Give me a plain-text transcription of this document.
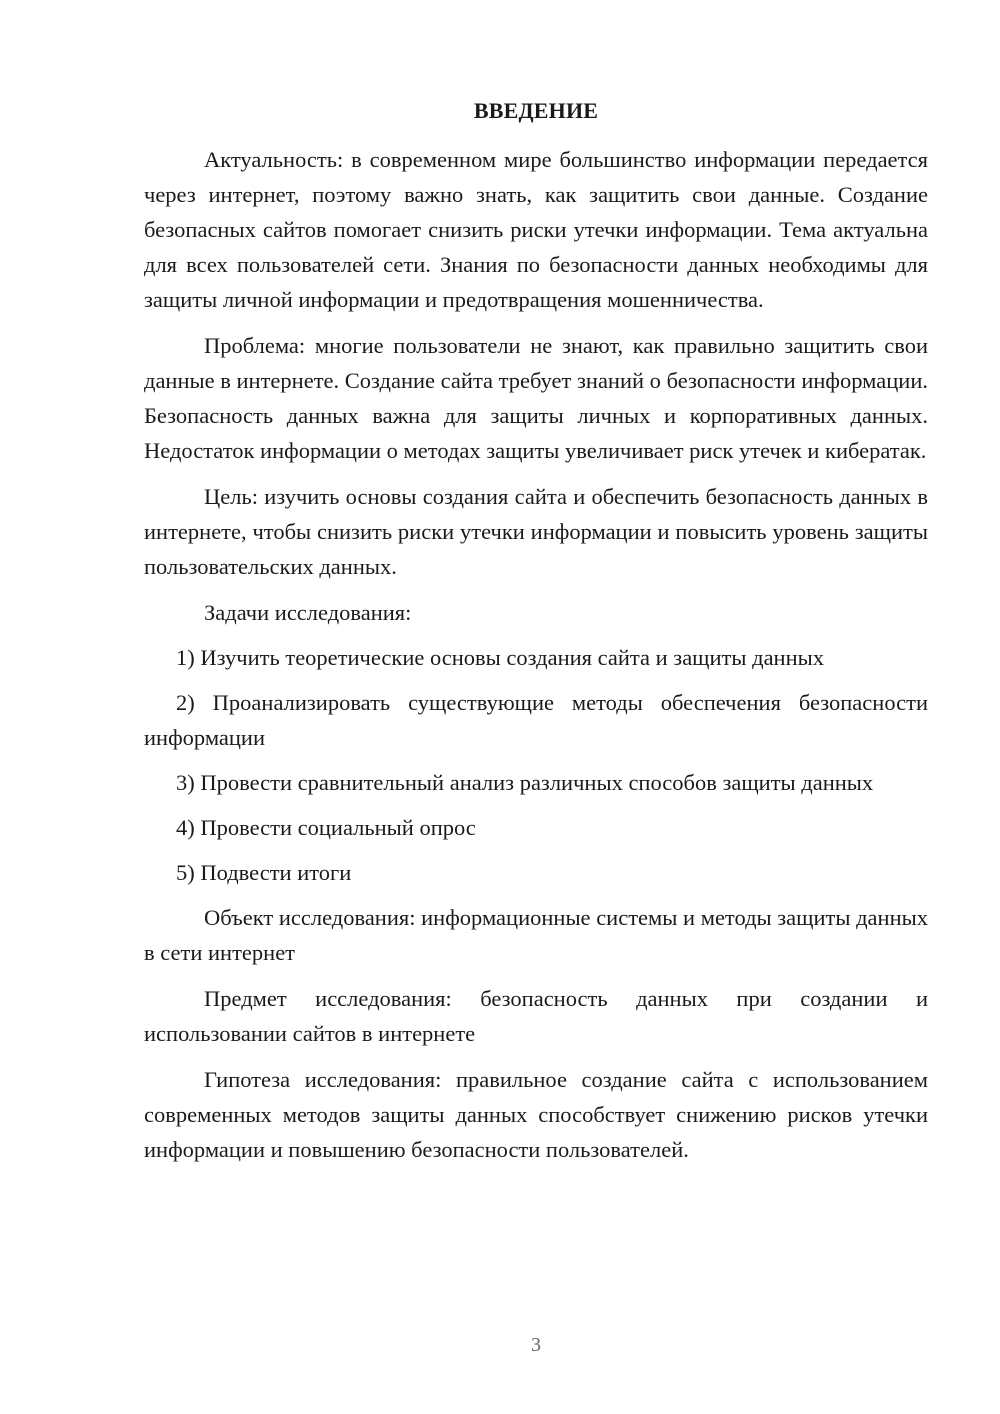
ВВЕДЕНИЕ

Актуальность: в современном мире большинство информации передается через интернет, поэтому важно знать, как защитить свои данные. Создание безопасных сайтов помогает снизить риски утечки информации. Тема актуальна для всех пользователей сети. Знания по безопасности данных необходимы для защиты личной информации и предотвращения мошенничества.

Проблема: многие пользователи не знают, как правильно защитить свои данные в интернете. Создание сайта требует знаний о безопасности информации. Безопасность данных важна для защиты личных и корпоративных данных. Недостаток информации о методах защиты увеличивает риск утечек и кибератак.

Цель: изучить основы создания сайта и обеспечить безопасность данных в интернете, чтобы снизить риски утечки информации и повысить уровень защиты пользовательских данных.

Задачи исследования:

1) Изучить теоретические основы создания сайта и защиты данных

2) Проанализировать существующие методы обеспечения безопасности информации

3) Провести сравнительный анализ различных способов защиты данных

4) Провести социальный опрос

5) Подвести итоги

Объект исследования: информационные системы и методы защиты данных в сети интернет

Предмет исследования: безопасность данных при создании и использовании сайтов в интернете

Гипотеза исследования: правильное создание сайта с использованием современных методов защиты данных способствует снижению рисков утечки информации и повышению безопасности пользователей.

3
